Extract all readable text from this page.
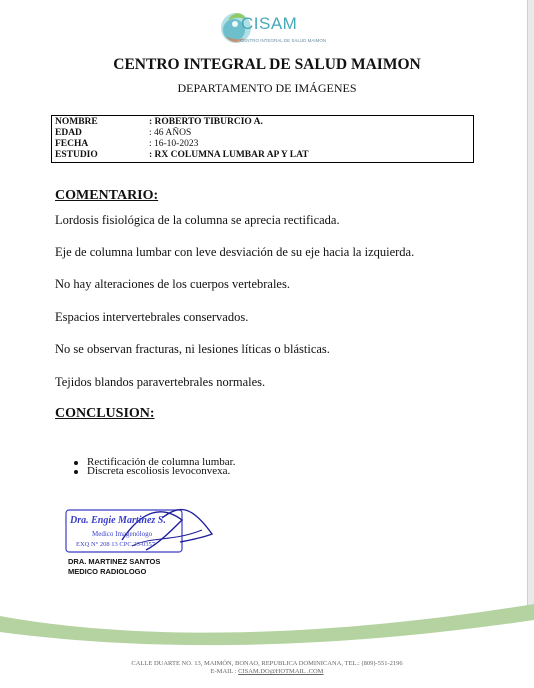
CISAM
CENTRO INTEGRAL DE SALUD MAIMON
CENTRO INTEGRAL DE SALUD MAIMON
DEPARTAMENTO DE IMÁGENES
NOMBRE	: ROBERTO TIBURCIO A.
EDAD	: 46 AÑOS
FECHA	: 16-10-2023
ESTUDIO	: RX COLUMNA LUMBAR AP Y LAT
COMENTARIO:
Lordosis fisiológica de la columna se aprecia rectificada.
Eje de columna lumbar con leve desviación de su eje hacia la izquierda.
No hay alteraciones de los cuerpos vertebrales.
Espacios intervertebrales conservados.
No se observan fracturas, ni lesiones líticas o blásticas.
Tejidos blandos paravertebrales normales.
CONCLUSION:
Rectificación de columna lumbar.
Discreta escoliosis levoconvexa.
Dra. Engie Martinez S.
Medico Imagenólogo
EXQ N° 208 13 CPC 25-0357
DRA. MARTINEZ SANTOS
MEDICO RADIOLOGO
CALLE DUARTE NO. 13, MAIMÓN, BONAO, REPUBLICA DOMINICANA, TEL.: (809)-551-2196
E-MAIL : CISAM.DO@HOTMAIL .COM
